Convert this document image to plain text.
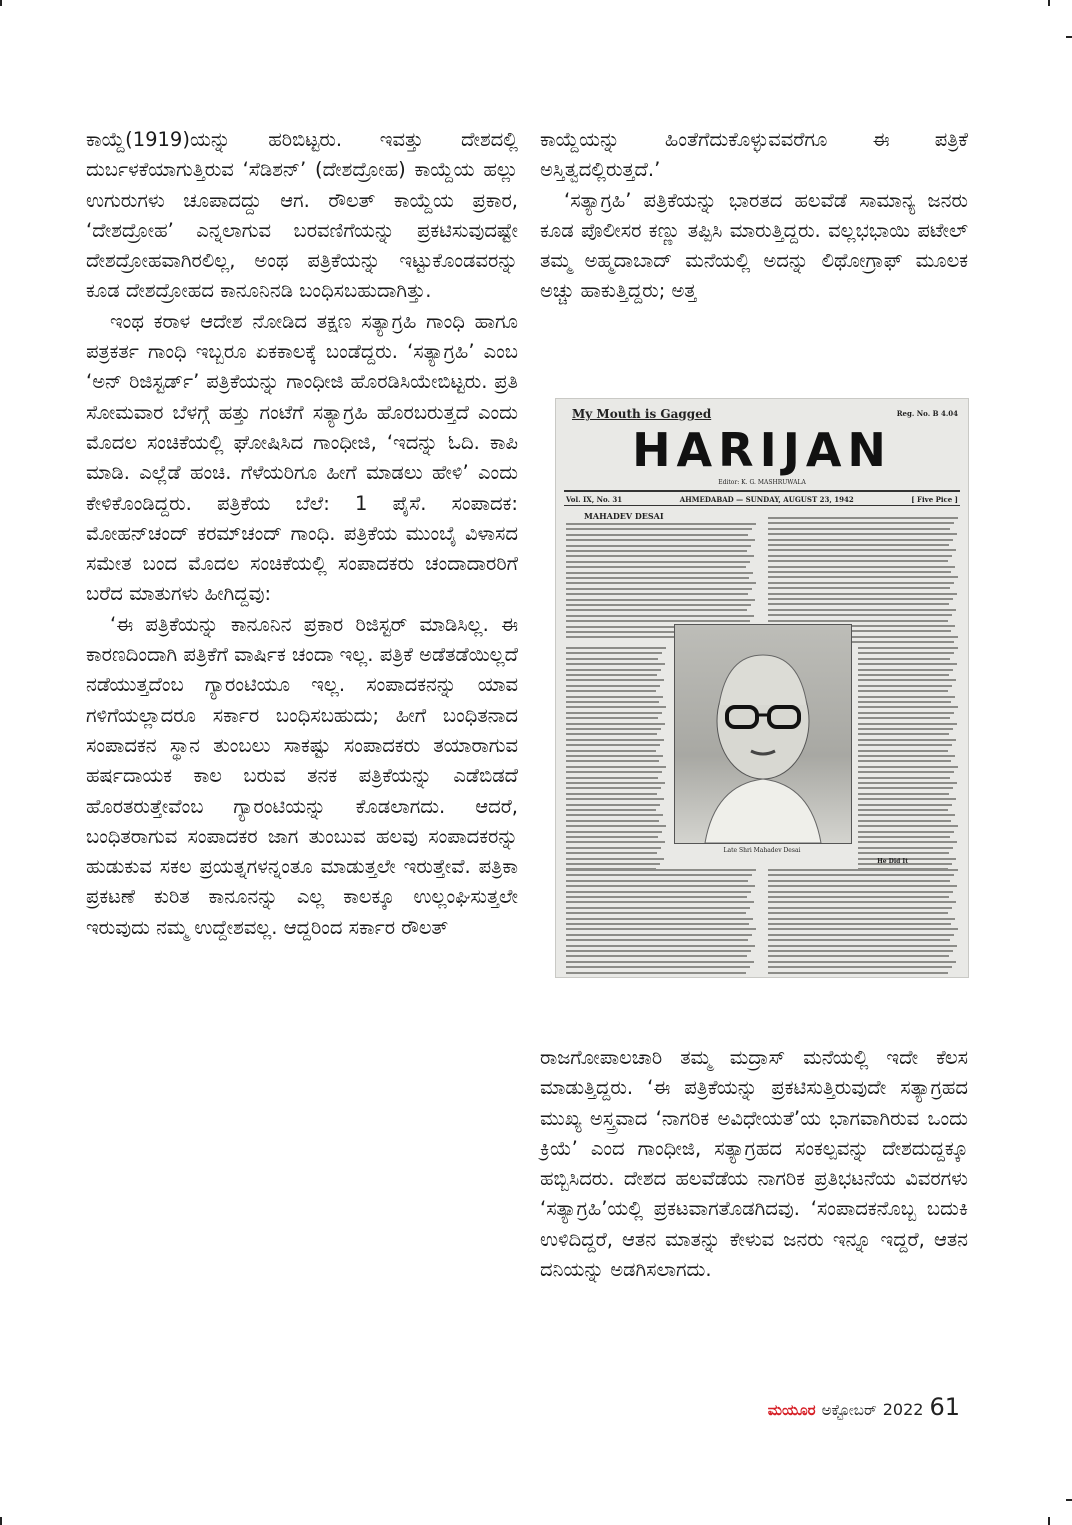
ಕಾಯ್ದೆ(1919)ಯನ್ನು ಹರಿಬಿಟ್ಟರು. ಇವತ್ತು ದೇಶದಲ್ಲಿ ದುರ್ಬಳಕೆಯಾಗುತ್ತಿರುವ ‘ಸೆಡಿಶನ್’ (ದೇಶದ್ರೋಹ) ಕಾಯ್ದೆಯ ಹಲ್ಲು ಉಗುರುಗಳು ಚೂಪಾದದ್ದು ಆಗ. ರೌಲತ್ ಕಾಯ್ದೆಯ ಪ್ರಕಾರ, ‘ದೇಶದ್ರೋಹ’ ಎನ್ನಲಾಗುವ ಬರವಣಿಗೆಯನ್ನು ಪ್ರಕಟಿಸುವುದಷ್ಟೇ ದೇಶದ್ರೋಹವಾಗಿರಲಿಲ್ಲ, ಅಂಥ ಪತ್ರಿಕೆಯನ್ನು ಇಟ್ಟುಕೊಂಡವರನ್ನು ಕೂಡ ದೇಶದ್ರೋಹದ ಕಾನೂನಿನಡಿ ಬಂಧಿಸಬಹುದಾಗಿತ್ತು.

ಇಂಥ ಕರಾಳ ಆದೇಶ ನೋಡಿದ ತಕ್ಷಣ ಸತ್ಯಾಗ್ರಹಿ ಗಾಂಧಿ ಹಾಗೂ ಪತ್ರಕರ್ತ ಗಾಂಧಿ ಇಬ್ಬರೂ ಏಕಕಾಲಕ್ಕೆ ಬಂಡೆದ್ದರು. ‘ಸತ್ಯಾಗ್ರಹಿ’ ಎಂಬ ‘ಅನ್ ರಿಜಿಸ್ಟರ್ಡ್’ ಪತ್ರಿಕೆಯನ್ನು ಗಾಂಧೀಜಿ ಹೊರಡಿಸಿಯೇಬಿಟ್ಟರು. ಪ್ರತಿ ಸೋಮವಾರ ಬೆಳಗ್ಗೆ ಹತ್ತು ಗಂಟೆಗೆ ಸತ್ಯಾಗ್ರಹಿ ಹೊರಬರುತ್ತದೆ ಎಂದು ಮೊದಲ ಸಂಚಿಕೆಯಲ್ಲಿ ಘೋಷಿಸಿದ ಗಾಂಧೀಜಿ, ‘ಇದನ್ನು ಓದಿ. ಕಾಪಿ ಮಾಡಿ. ಎಲ್ಲೆಡೆ ಹಂಚಿ. ಗೆಳೆಯರಿಗೂ ಹೀಗೆ ಮಾಡಲು ಹೇಳಿ’ ಎಂದು ಕೇಳಿಕೊಂಡಿದ್ದರು. ಪತ್ರಿಕೆಯ ಬೆಲೆ: 1 ಪೈಸೆ. ಸಂಪಾದಕ: ಮೋಹನ್‌ಚಂದ್ ಕರಮ್‌ಚಂದ್ ಗಾಂಧಿ. ಪತ್ರಿಕೆಯ ಮುಂಬೈ ವಿಳಾಸದ ಸಮೇತ ಬಂದ ಮೊದಲ ಸಂಚಿಕೆಯಲ್ಲಿ ಸಂಪಾದಕರು ಚಂದಾದಾರರಿಗೆ ಬರೆದ ಮಾತುಗಳು ಹೀಗಿದ್ದವು:

‘ಈ ಪತ್ರಿಕೆಯನ್ನು ಕಾನೂನಿನ ಪ್ರಕಾರ ರಿಜಿಸ್ಟರ್ ಮಾಡಿಸಿಲ್ಲ. ಈ ಕಾರಣದಿಂದಾಗಿ ಪತ್ರಿಕೆಗೆ ವಾರ್ಷಿಕ ಚಂದಾ ಇಲ್ಲ. ಪತ್ರಿಕೆ ಅಡೆತಡೆಯಿಲ್ಲದೆ ನಡೆಯುತ್ತದೆಂಬ ಗ್ಯಾರಂಟಿಯೂ ಇಲ್ಲ. ಸಂಪಾದಕನನ್ನು ಯಾವ ಗಳಿಗೆಯಲ್ಲಾದರೂ ಸರ್ಕಾರ ಬಂಧಿಸಬಹುದು; ಹೀಗೆ ಬಂಧಿತನಾದ ಸಂಪಾದಕನ ಸ್ಥಾನ ತುಂಬಲು ಸಾಕಷ್ಟು ಸಂಪಾದಕರು ತಯಾರಾಗುವ ಹರ್ಷದಾಯಕ ಕಾಲ ಬರುವ ತನಕ ಪತ್ರಿಕೆಯನ್ನು ಎಡೆಬಿಡದೆ ಹೊರತರುತ್ತೇವೆಂಬ ಗ್ಯಾರಂಟಿಯನ್ನು ಕೊಡಲಾಗದು. ಆದರೆ, ಬಂಧಿತರಾಗುವ ಸಂಪಾದಕರ ಜಾಗ ತುಂಬುವ ಹಲವು ಸಂಪಾದಕರನ್ನು ಹುಡುಕುವ ಸಕಲ ಪ್ರಯತ್ನಗಳನ್ನಂತೂ ಮಾಡುತ್ತಲೇ ಇರುತ್ತೇವೆ. ಪತ್ರಿಕಾ ಪ್ರಕಟಣೆ ಕುರಿತ ಕಾನೂನನ್ನು ಎಲ್ಲ ಕಾಲಕ್ಕೂ ಉಲ್ಲಂಘಿಸುತ್ತಲೇ ಇರುವುದು ನಮ್ಮ ಉದ್ದೇಶವಲ್ಲ. ಆದ್ದರಿಂದ ಸರ್ಕಾರ ರೌಲತ್

ಕಾಯ್ದೆಯನ್ನು ಹಿಂತೆಗೆದುಕೊಳ್ಳುವವರೆಗೂ ಈ ಪತ್ರಿಕೆ ಅಸ್ತಿತ್ವದಲ್ಲಿರುತ್ತದೆ.’

‘ಸತ್ಯಾಗ್ರಹಿ’ ಪತ್ರಿಕೆಯನ್ನು ಭಾರತದ ಹಲವೆಡೆ ಸಾಮಾನ್ಯ ಜನರು ಕೂಡ ಪೊಲೀಸರ ಕಣ್ಣು ತಪ್ಪಿಸಿ ಮಾರುತ್ತಿದ್ದರು. ವಲ್ಲಭಭಾಯಿ ಪಟೇಲ್ ತಮ್ಮ ಅಹ್ಮದಾಬಾದ್ ಮನೆಯಲ್ಲಿ ಅದನ್ನು ಲಿಥೋಗ್ರಾಫ್ ಮೂಲಕ ಅಚ್ಚು ಹಾಕುತ್ತಿದ್ದರು; ಅತ್ತ

My Mouth is Gagged	Reg. No. B 4.04
HARIJAN
Editor: K. G. MASHRUWALA
Vol. IX, No. 31	AHMEDABAD — SUNDAY, AUGUST 23, 1942	[ Five Pice ]
MAHADEV DESAI
Late Shri Mahadev Desai
He Did It

ರಾಜಗೋಪಾಲಚಾರಿ ತಮ್ಮ ಮದ್ರಾಸ್ ಮನೆಯಲ್ಲಿ ಇದೇ ಕೆಲಸ ಮಾಡುತ್ತಿದ್ದರು. ‘ಈ ಪತ್ರಿಕೆಯನ್ನು ಪ್ರಕಟಿಸುತ್ತಿರುವುದೇ ಸತ್ಯಾಗ್ರಹದ ಮುಖ್ಯ ಅಸ್ತ್ರವಾದ ‘ನಾಗರಿಕ ಅವಿಧೇಯತೆ’ಯ ಭಾಗವಾಗಿರುವ ಒಂದು ಕ್ರಿಯೆ’ ಎಂದ ಗಾಂಧೀಜಿ, ಸತ್ಯಾಗ್ರಹದ ಸಂಕಲ್ಪವನ್ನು ದೇಶದುದ್ದಕ್ಕೂ ಹಬ್ಬಿಸಿದರು. ದೇಶದ ಹಲವೆಡೆಯ ನಾಗರಿಕ ಪ್ರತಿಭಟನೆಯ ವಿವರಗಳು ‘ಸತ್ಯಾಗ್ರಹಿ’ಯಲ್ಲಿ ಪ್ರಕಟವಾಗತೊಡಗಿದವು. ‘ಸಂಪಾದಕನೊಬ್ಬ ಬದುಕಿ ಉಳಿದಿದ್ದರೆ, ಆತನ ಮಾತನ್ನು ಕೇಳುವ ಜನರು ಇನ್ನೂ ಇದ್ದರೆ, ಆತನ ದನಿಯನ್ನು ಅಡಗಿಸಲಾಗದು.

ಮಯೂರ ಅಕ್ಟೋಬರ್ 2022 61
